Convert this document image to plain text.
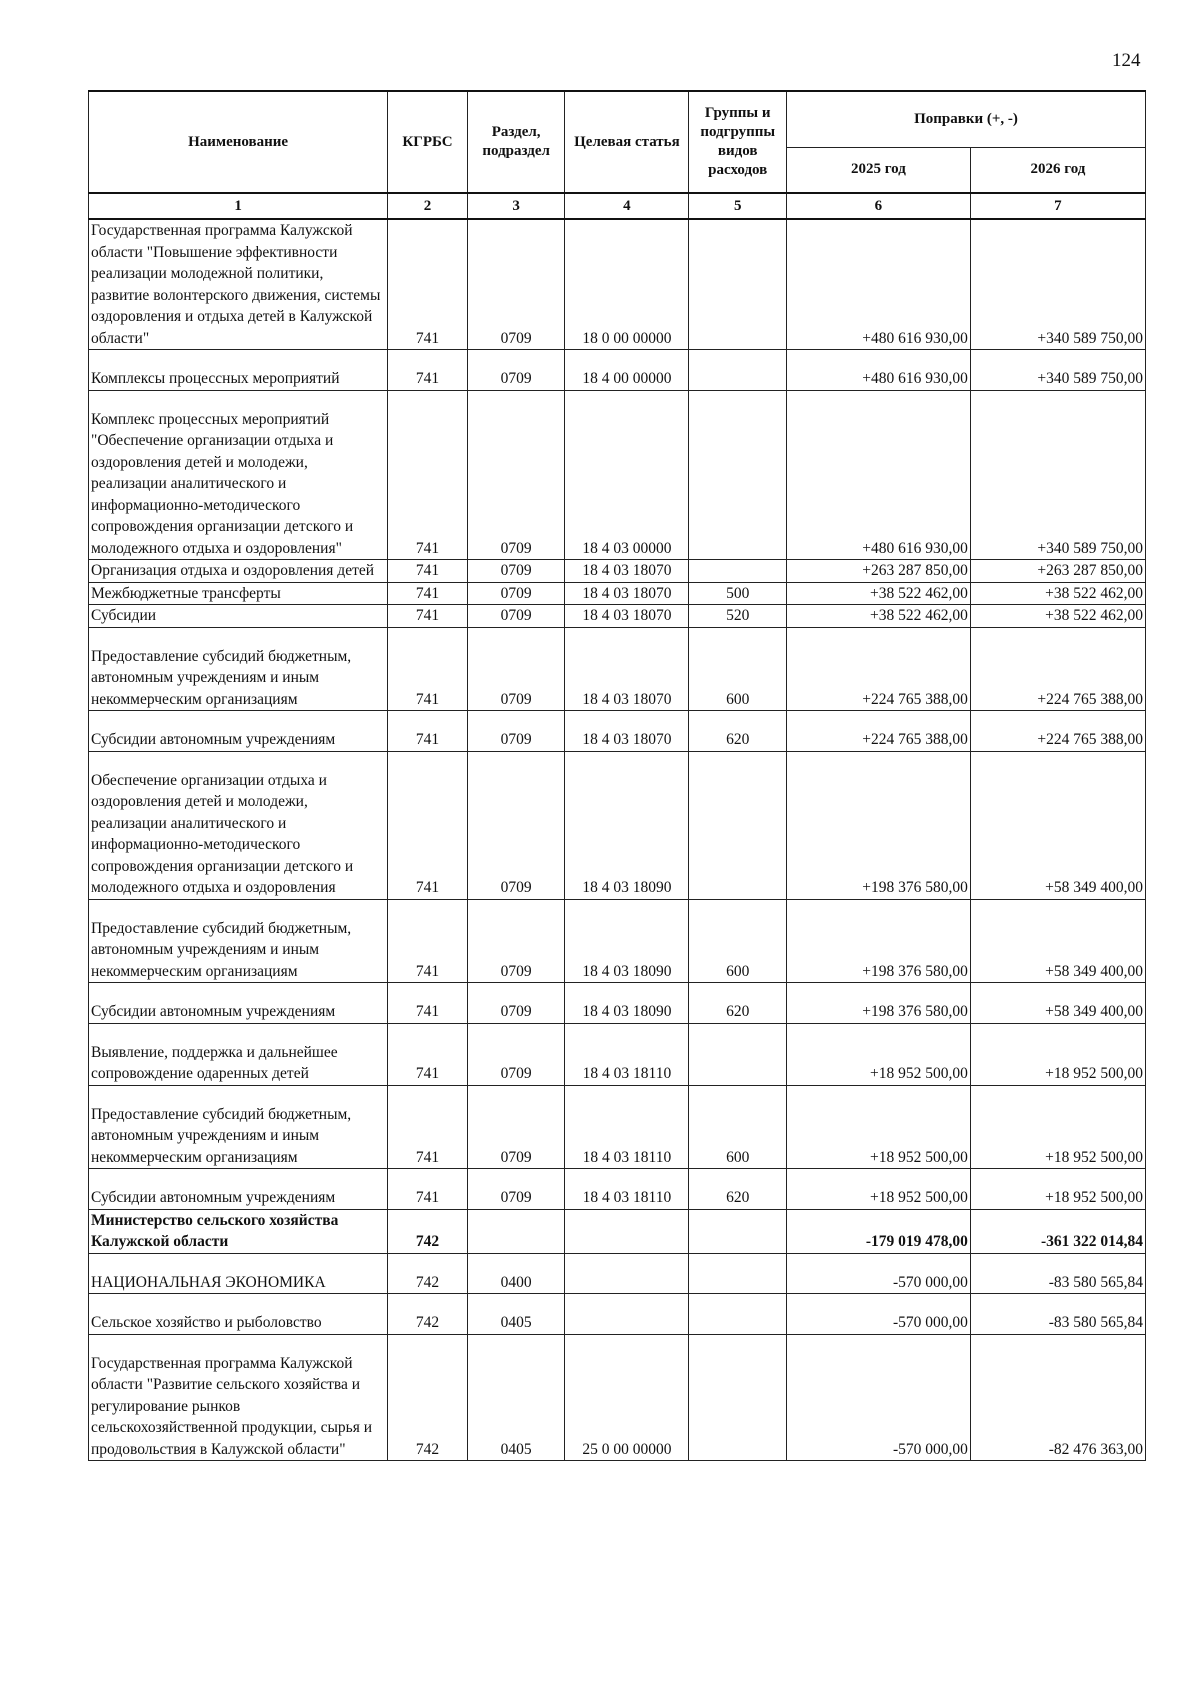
124
Наименование	КГРБС	Раздел, подраздел	Целевая статья	Группы и подгруппы видов расходов	Поправки (+, -)	
					2025 год	2026 год
1	2	3	4	5	6	7
Государственная программа Калужской области "Повышение эффективности реализации молодежной политики, развитие волонтерского движения, системы оздоровления и отдыха детей в Калужской области"	741	0709	18 0 00 00000		+480 616 930,00	+340 589 750,00
Комплексы процессных мероприятий	741	0709	18 4 00 00000		+480 616 930,00	+340 589 750,00
Комплекс процессных мероприятий "Обеспечение организации отдыха и оздоровления детей и молодежи, реализации аналитического и информационно-методического сопровождения организации детского и молодежного отдыха и оздоровления"	741	0709	18 4 03 00000		+480 616 930,00	+340 589 750,00
Организация отдыха и оздоровления детей	741	0709	18 4 03 18070		+263 287 850,00	+263 287 850,00
Межбюджетные трансферты	741	0709	18 4 03 18070	500	+38 522 462,00	+38 522 462,00
Субсидии	741	0709	18 4 03 18070	520	+38 522 462,00	+38 522 462,00
Предоставление субсидий бюджетным, автономным учреждениям и иным некоммерческим организациям	741	0709	18 4 03 18070	600	+224 765 388,00	+224 765 388,00
Субсидии автономным учреждениям	741	0709	18 4 03 18070	620	+224 765 388,00	+224 765 388,00
Обеспечение организации отдыха и оздоровления детей и молодежи, реализации аналитического и информационно-методического сопровождения организации детского и молодежного отдыха и оздоровления	741	0709	18 4 03 18090		+198 376 580,00	+58 349 400,00
Предоставление субсидий бюджетным, автономным учреждениям и иным некоммерческим организациям	741	0709	18 4 03 18090	600	+198 376 580,00	+58 349 400,00
Субсидии автономным учреждениям	741	0709	18 4 03 18090	620	+198 376 580,00	+58 349 400,00
Выявление, поддержка и дальнейшее сопровождение одаренных детей	741	0709	18 4 03 18110		+18 952 500,00	+18 952 500,00
Предоставление субсидий бюджетным, автономным учреждениям и иным некоммерческим организациям	741	0709	18 4 03 18110	600	+18 952 500,00	+18 952 500,00
Субсидии автономным учреждениям	741	0709	18 4 03 18110	620	+18 952 500,00	+18 952 500,00
Министерство сельского хозяйства Калужской области	742				-179 019 478,00	-361 322 014,84
НАЦИОНАЛЬНАЯ ЭКОНОМИКА	742	0400			-570 000,00	-83 580 565,84
Сельское хозяйство и рыболовство	742	0405			-570 000,00	-83 580 565,84
Государственная программа Калужской области "Развитие сельского хозяйства и регулирование рынков сельскохозяйственной продукции, сырья и продовольствия в Калужской области"	742	0405	25 0 00 00000		-570 000,00	-82 476 363,00
